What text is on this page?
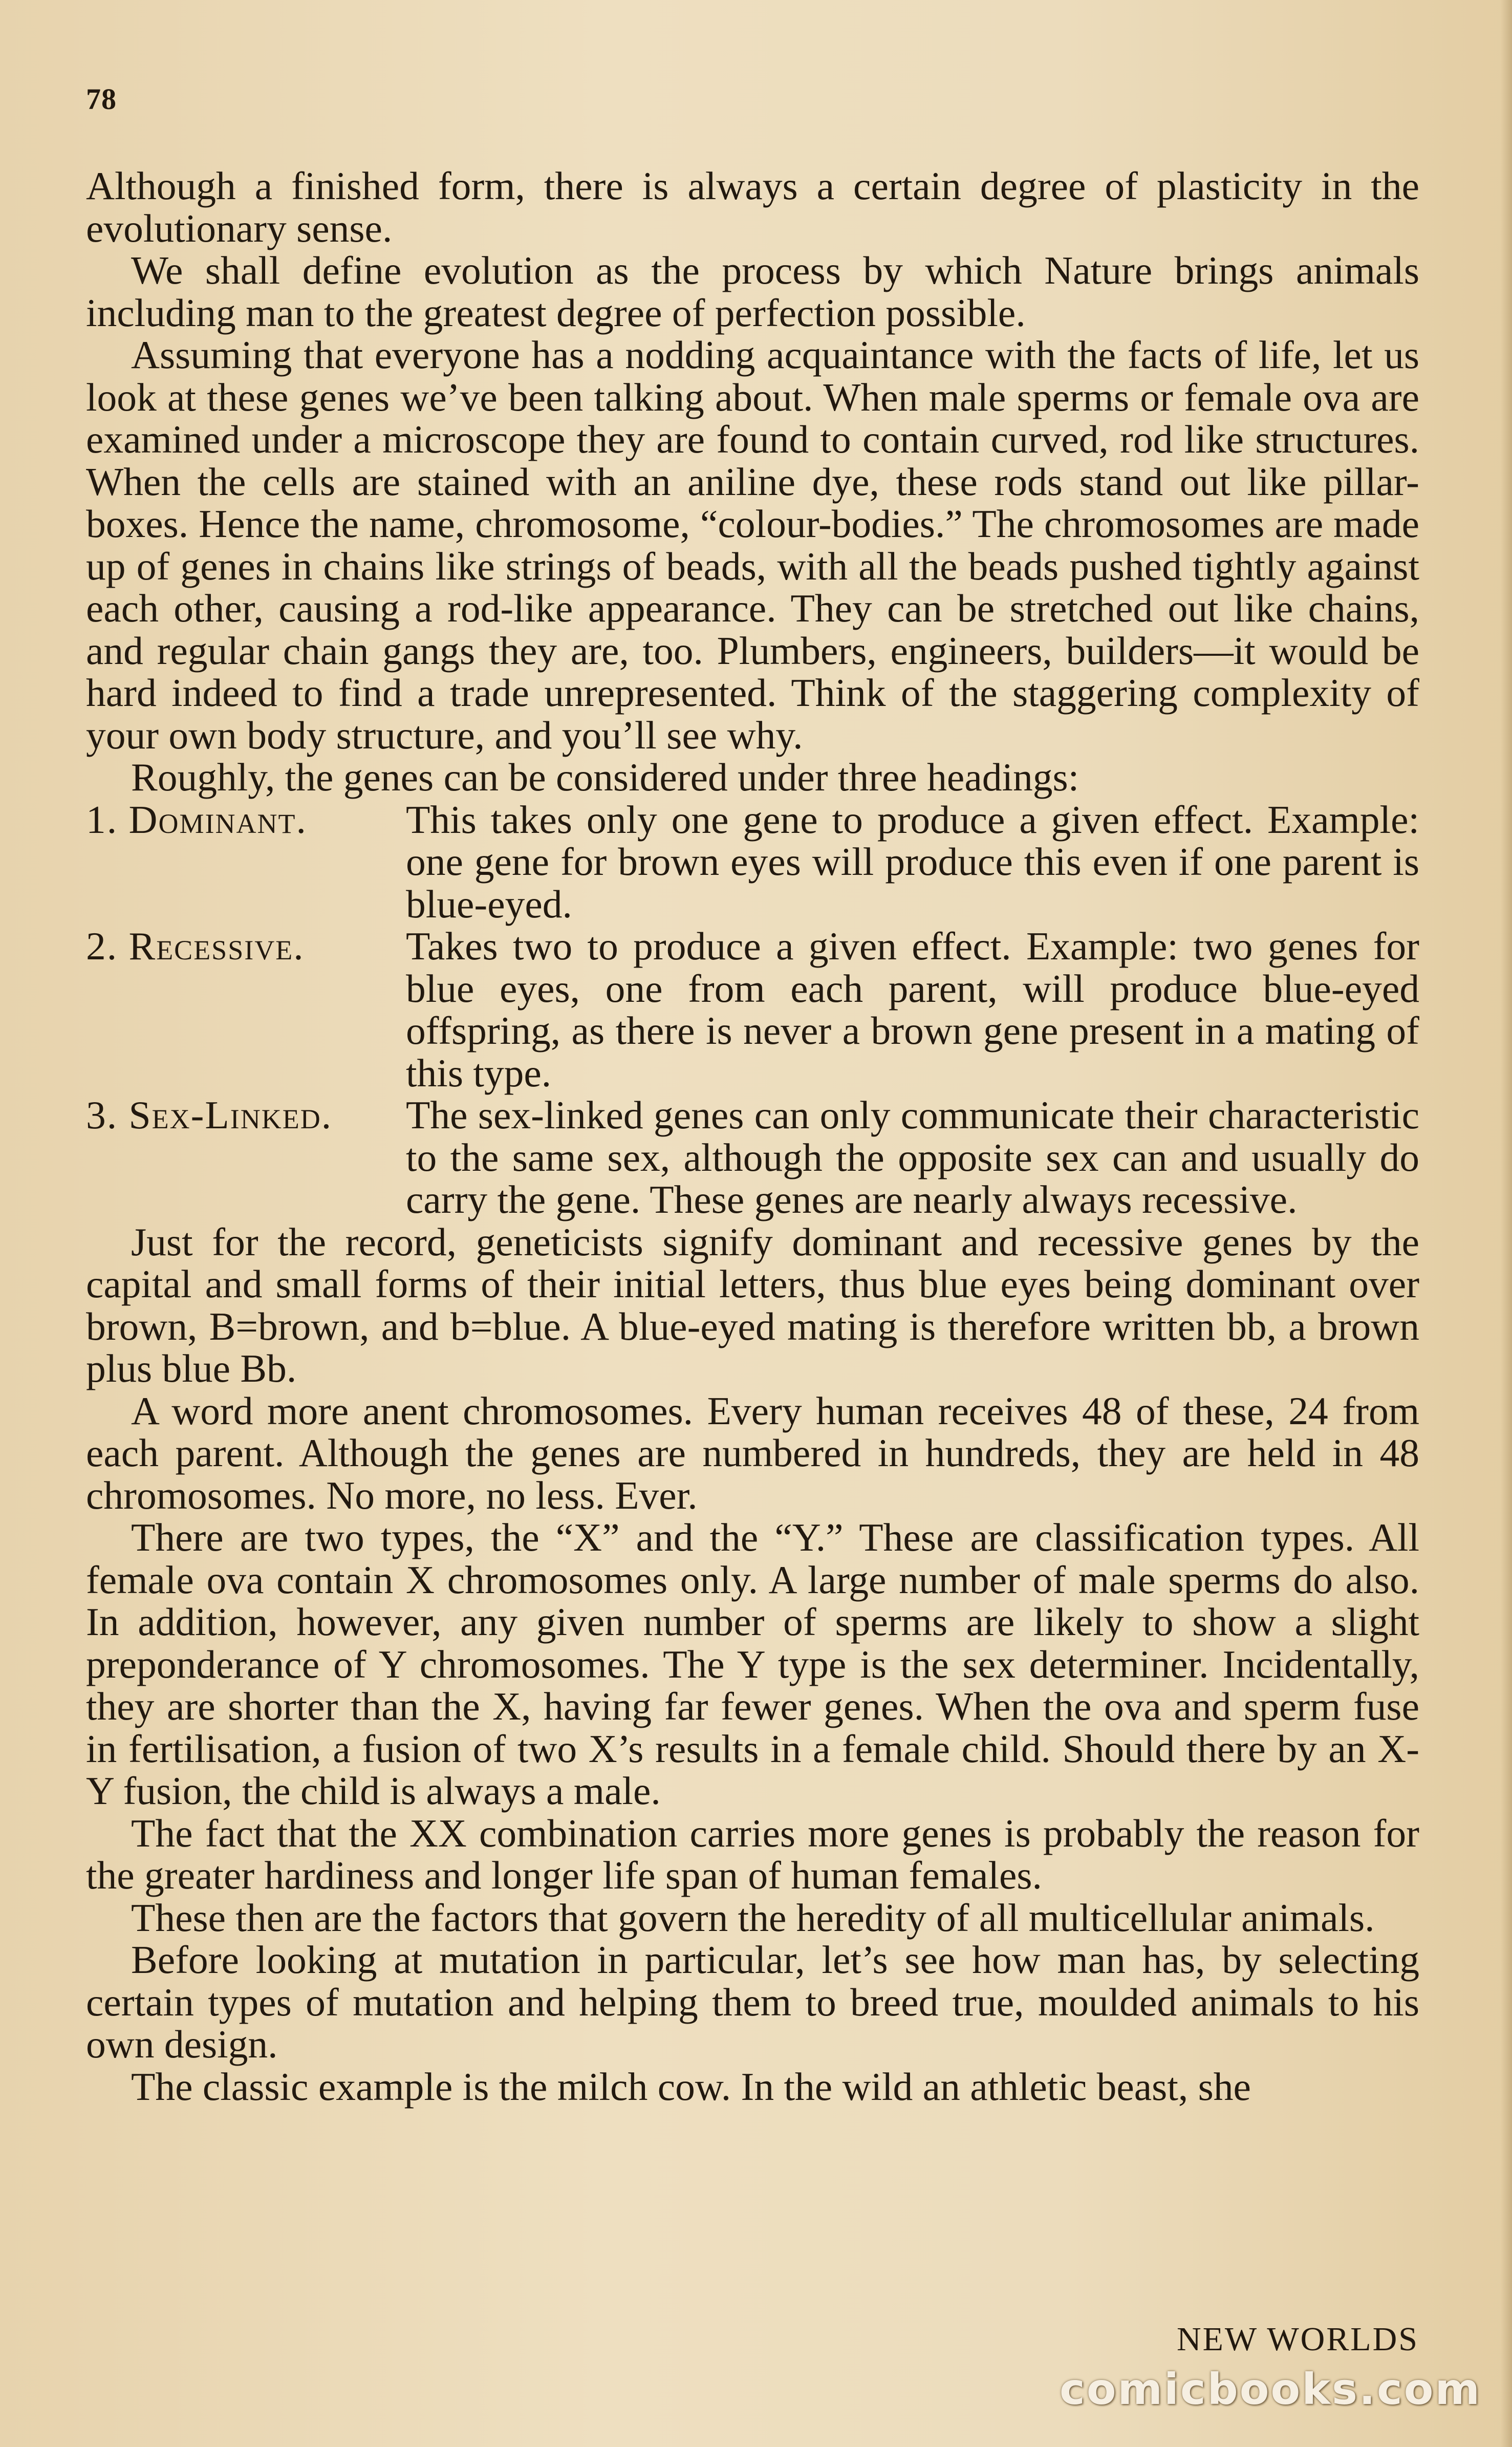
78

Although a finished form, there is always a certain degree of plasticity in the evolutionary sense.

We shall define evolution as the process by which Nature brings animals including man to the greatest degree of perfection possible.

Assuming that everyone has a nodding acquaintance with the facts of life, let us look at these genes we’ve been talking about. When male sperms or female ova are examined under a microscope they are found to contain curved, rod like structures. When the cells are stained with an aniline dye, these rods stand out like pillar-boxes. Hence the name, chromosome, “colour-bodies.” The chromosomes are made up of genes in chains like strings of beads, with all the beads pushed tightly against each other, causing a rod-like appearance. They can be stretched out like chains, and regular chain gangs they are, too. Plumbers, engineers, builders—it would be hard indeed to find a trade unrepresented. Think of the staggering complexity of your own body structure, and you’ll see why.

Roughly, the genes can be considered under three headings:

1. Dominant.	This takes only one gene to produce a given effect. Example: one gene for brown eyes will produce this even if one parent is blue-eyed.
2. Recessive.	Takes two to produce a given effect. Example: two genes for blue eyes, one from each parent, will produce blue-eyed offspring, as there is never a brown gene present in a mating of this type.
3. Sex-Linked.	The sex-linked genes can only communicate their characteristic to the same sex, although the opposite sex can and usually do carry the gene. These genes are nearly always recessive.

Just for the record, geneticists signify dominant and recessive genes by the capital and small forms of their initial letters, thus blue eyes being dominant over brown, B=brown, and b=blue. A blue-eyed mating is therefore written bb, a brown plus blue Bb.

A word more anent chromosomes. Every human receives 48 of these, 24 from each parent. Although the genes are numbered in hundreds, they are held in 48 chromosomes. No more, no less. Ever.

There are two types, the “X” and the “Y.” These are classification types. All female ova contain X chromosomes only. A large number of male sperms do also. In addition, however, any given number of sperms are likely to show a slight preponderance of Y chromosomes. The Y type is the sex determiner. Incidentally, they are shorter than the X, having far fewer genes. When the ova and sperm fuse in fertilisation, a fusion of two X’s results in a female child. Should there by an X-Y fusion, the child is always a male.

The fact that the XX combination carries more genes is probably the reason for the greater hardiness and longer life span of human females.

These then are the factors that govern the heredity of all multicellular animals.

Before looking at mutation in particular, let’s see how man has, by selecting certain types of mutation and helping them to breed true, moulded animals to his own design.

The classic example is the milch cow. In the wild an athletic beast, she

NEW WORLDS
comicbooks.com
